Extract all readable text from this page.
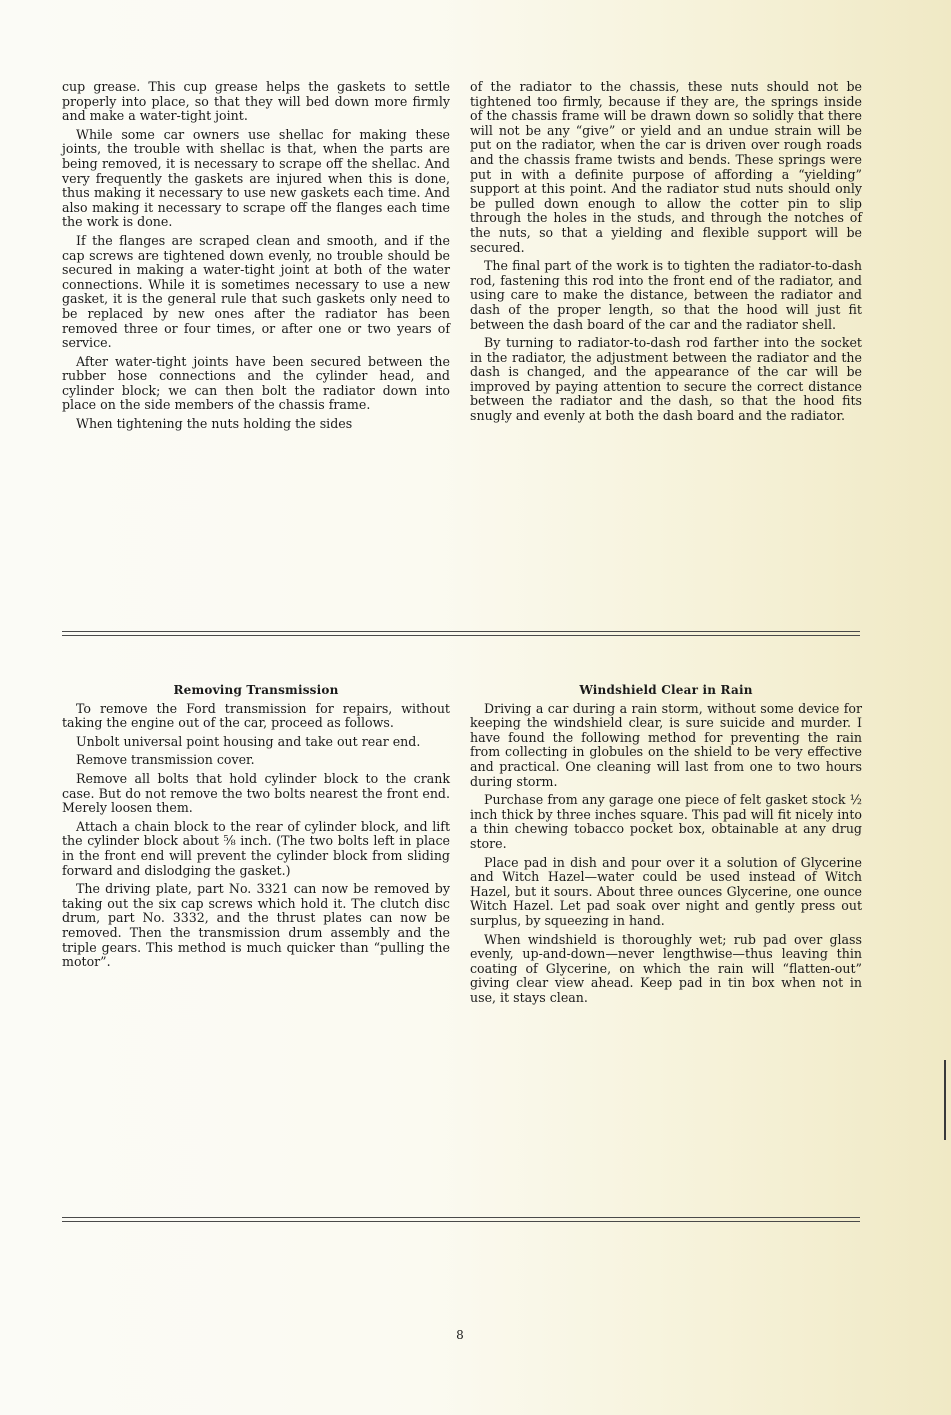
cup grease. This cup grease helps the gaskets to settle properly into place, so that they will bed down more firmly and make a water-tight joint.

While some car owners use shellac for making these joints, the trouble with shellac is that, when the parts are being removed, it is necessary to scrape off the shellac. And very frequently the gaskets are injured when this is done, thus making it necessary to use new gaskets each time. And also making it necessary to scrape off the flanges each time the work is done.

If the flanges are scraped clean and smooth, and if the cap screws are tightened down evenly, no trouble should be secured in making a water-tight joint at both of the water connections. While it is sometimes necessary to use a new gasket, it is the general rule that such gaskets only need to be replaced by new ones after the radiator has been removed three or four times, or after one or two years of service.

After water-tight joints have been secured between the rubber hose connections and the cylinder head, and cylinder block; we can then bolt the radiator down into place on the side members of the chassis frame.

When tightening the nuts holding the sides

of the radiator to the chassis, these nuts should not be tightened too firmly, because if they are, the springs inside of the chassis frame will be drawn down so solidly that there will not be any “give” or yield and an undue strain will be put on the radiator, when the car is driven over rough roads and the chassis frame twists and bends. These springs were put in with a definite purpose of affording a “yielding” support at this point. And the radiator stud nuts should only be pulled down enough to allow the cotter pin to slip through the holes in the studs, and through the notches of the nuts, so that a yielding and flexible support will be secured.

The final part of the work is to tighten the radiator-to-dash rod, fastening this rod into the front end of the radiator, and using care to make the distance, between the radiator and dash of the proper length, so that the hood will just fit between the dash board of the car and the radiator shell.

By turning to radiator-to-dash rod farther into the socket in the radiator, the adjustment between the radiator and the dash is changed, and the appearance of the car will be improved by paying attention to secure the correct distance between the radiator and the dash, so that the hood fits snugly and evenly at both the dash board and the radiator.

Removing Transmission

To remove the Ford transmission for repairs, without taking the engine out of the car, proceed as follows.

Unbolt universal point housing and take out rear end.

Remove transmission cover.

Remove all bolts that hold cylinder block to the crank case. But do not remove the two bolts nearest the front end. Merely loosen them.

Attach a chain block to the rear of cylinder block, and lift the cylinder block about ⅝ inch. (The two bolts left in place in the front end will prevent the cylinder block from sliding forward and dislodging the gasket.)

The driving plate, part No. 3321 can now be removed by taking out the six cap screws which hold it. The clutch disc drum, part No. 3332, and the thrust plates can now be removed. Then the transmission drum assembly and the triple gears. This method is much quicker than “pulling the motor”.

Windshield Clear in Rain

Driving a car during a rain storm, without some device for keeping the windshield clear, is sure suicide and murder. I have found the following method for preventing the rain from collecting in globules on the shield to be very effective and practical. One cleaning will last from one to two hours during storm.

Purchase from any garage one piece of felt gasket stock ½ inch thick by three inches square. This pad will fit nicely into a thin chewing tobacco pocket box, obtainable at any drug store.

Place pad in dish and pour over it a solution of Glycerine and Witch Hazel—water could be used instead of Witch Hazel, but it sours. About three ounces Glycerine, one ounce Witch Hazel. Let pad soak over night and gently press out surplus, by squeezing in hand.

When windshield is thoroughly wet; rub pad over glass evenly, up-and-down—never lengthwise—thus leaving thin coating of Glycerine, on which the rain will “flatten-out” giving clear view ahead. Keep pad in tin box when not in use, it stays clean.

8
